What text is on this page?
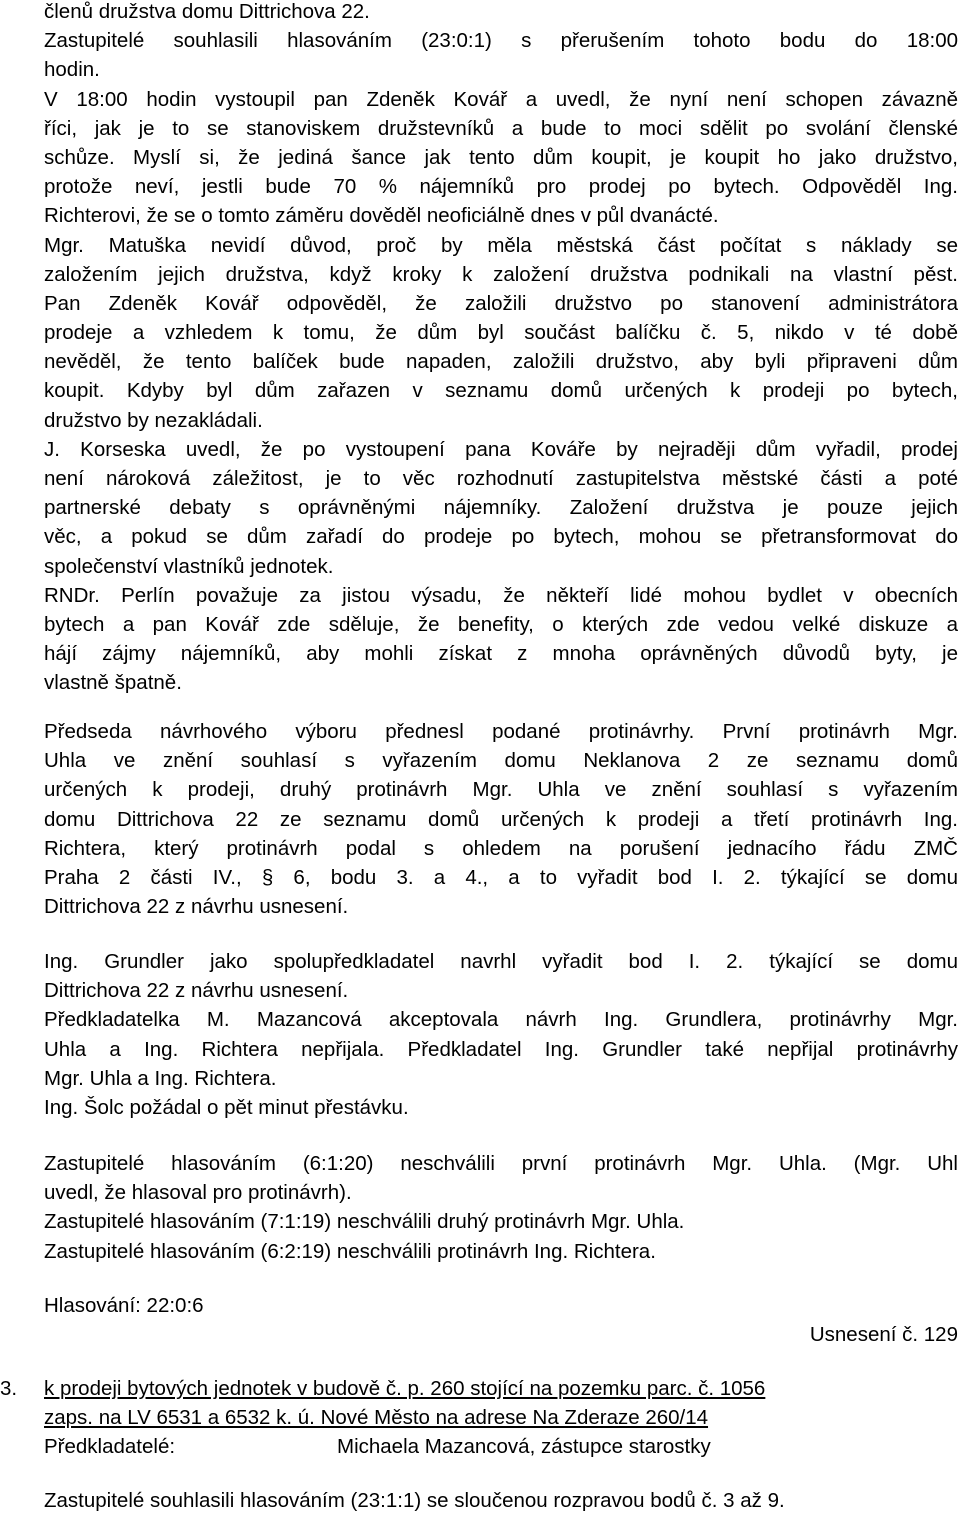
členů družstva domu Dittrichova 22.
Zastupitelé souhlasili hlasováním (23:0:1) s přerušením tohoto bodu do 18:00
hodin.
V 18:00 hodin vystoupil pan Zdeněk Kovář a uvedl, že nyní není schopen závazně
říci, jak je to se stanoviskem družstevníků a bude to moci sdělit po svolání členské
schůze. Myslí si, že jediná šance jak tento dům koupit, je koupit ho jako družstvo,
protože neví, jestli bude 70 % nájemníků pro prodej po bytech. Odpověděl Ing.
Richterovi, že se o tomto záměru dověděl neoficiálně dnes v půl dvanácté.
Mgr. Matuška nevidí důvod, proč by měla městská část počítat s náklady se
založením jejich družstva, když kroky k založení družstva podnikali na vlastní pěst.
Pan Zdeněk Kovář odpověděl, že založili družstvo po stanovení administrátora
prodeje a vzhledem k tomu, že dům byl součást balíčku č. 5, nikdo v té době
nevěděl, že tento balíček bude napaden, založili družstvo, aby byli připraveni dům
koupit. Kdyby byl dům zařazen v seznamu domů určených k prodeji po bytech,
družstvo by nezakládali.
J. Korseska uvedl, že po vystoupení pana Kováře by nejraději dům vyřadil, prodej
není nároková záležitost, je to věc rozhodnutí zastupitelstva městské části a poté
partnerské debaty s oprávněnými nájemníky. Založení družstva je pouze jejich
věc, a pokud se dům zařadí do prodeje po bytech, mohou se přetransformovat do
společenství vlastníků jednotek.
RNDr. Perlín považuje za jistou výsadu, že někteří lidé mohou bydlet v obecních
bytech a pan Kovář zde sděluje, že benefity, o kterých zde vedou velké diskuze a
hájí zájmy nájemníků, aby mohli získat z mnoha oprávněných důvodů byty, je
vlastně špatně.
Předseda návrhového výboru přednesl podané protinávrhy. První protinávrh Mgr.
Uhla ve znění souhlasí s vyřazením domu Neklanova 2 ze seznamu domů
určených k prodeji, druhý protinávrh Mgr. Uhla ve znění souhlasí s vyřazením
domu Dittrichova 22 ze seznamu domů určených k prodeji a třetí protinávrh Ing.
Richtera, který protinávrh podal s ohledem na porušení jednacího řádu ZMČ
Praha 2 části IV., § 6, bodu 3. a 4., a to vyřadit bod I. 2. týkající se domu
Dittrichova 22 z návrhu usnesení.
Ing. Grundler jako spolupředkladatel navrhl vyřadit bod I. 2. týkající se domu
Dittrichova 22 z návrhu usnesení.
Předkladatelka M. Mazancová akceptovala návrh Ing. Grundlera, protinávrhy Mgr.
Uhla a Ing. Richtera nepřijala. Předkladatel Ing. Grundler také nepřijal protinávrhy
Mgr. Uhla a Ing. Richtera.
Ing. Šolc požádal o pět minut přestávku.
Zastupitelé hlasováním (6:1:20) neschválili první protinávrh Mgr. Uhla. (Mgr. Uhl
uvedl, že hlasoval pro protinávrh).
Zastupitelé hlasováním (7:1:19) neschválili druhý protinávrh Mgr. Uhla.
Zastupitelé hlasováním (6:2:19) neschválili protinávrh Ing. Richtera.
Hlasování: 22:0:6
Usnesení č. 129
3.	k prodeji bytových jednotek v budově č. p. 260 stojící na pozemku parc. č. 1056
zaps. na LV 6531 a 6532 k. ú. Nové Město na adrese Na Zderaze 260/14
Předkladatelé:	Michaela Mazancová, zástupce starostky
Zastupitelé souhlasili hlasováním (23:1:1) se sloučenou rozpravou bodů č. 3 až 9.
